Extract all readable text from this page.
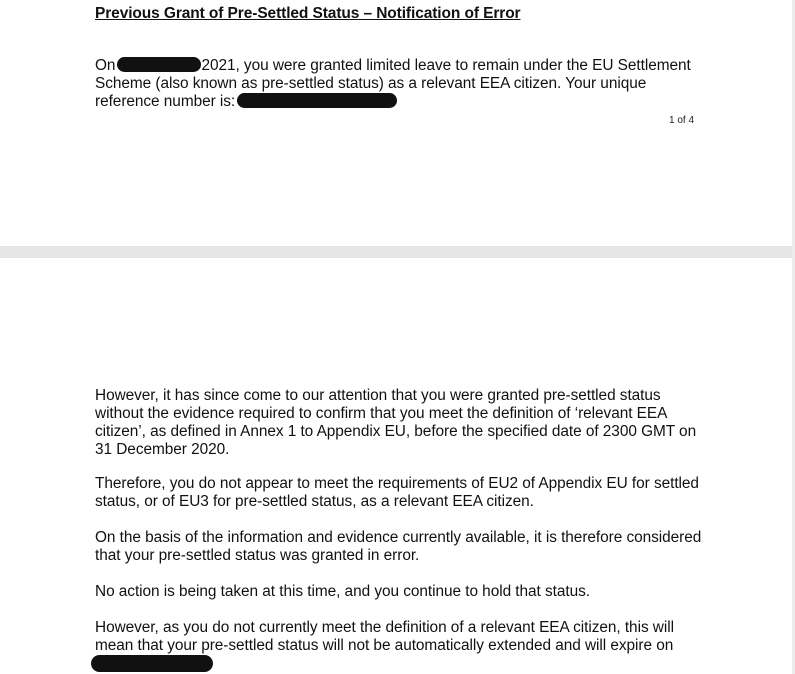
Previous Grant of Pre-Settled Status – Notification of Error

On	2021, you were granted limited leave to remain under the EU Settlement Scheme (also known as pre-settled status) as a relevant EEA citizen. Your unique reference number is:

1 of 4

However, it has since come to our attention that you were granted pre-settled status without the evidence required to confirm that you meet the definition of ‘relevant EEA citizen’, as defined in Annex 1 to Appendix EU, before the specified date of 2300 GMT on 31 December 2020.

Therefore, you do not appear to meet the requirements of EU2 of Appendix EU for settled status, or of EU3 for pre-settled status, as a relevant EEA citizen.

On the basis of the information and evidence currently available, it is therefore considered that your pre-settled status was granted in error.

No action is being taken at this time, and you continue to hold that status.

However, as you do not currently meet the definition of a relevant EEA citizen, this will mean that your pre-settled status will not be automatically extended and will expire on
